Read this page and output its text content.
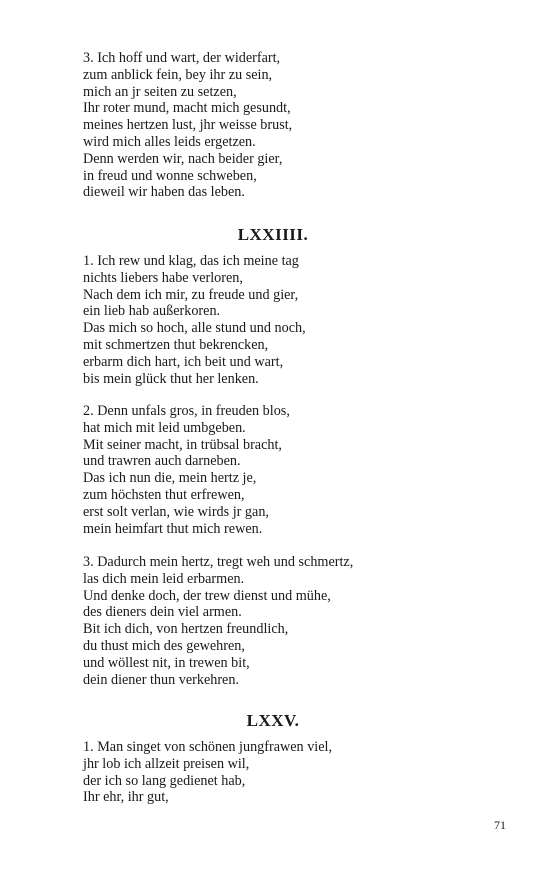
3. Ich hoff und wart, der widerfart,
zum anblick fein, bey ihr zu sein,
mich an jr seiten zu setzen,
Ihr roter mund, macht mich gesundt,
meines hertzen lust, jhr weisse brust,
wird mich alles leids ergetzen.
Denn werden wir, nach beider gier,
in freud und wonne schweben,
dieweil wir haben das leben.
LXXIIII.
1. Ich rew und klag, das ich meine tag
nichts liebers habe verloren,
Nach dem ich mir, zu freude und gier,
ein lieb hab außerkoren.
Das mich so hoch, alle stund und noch,
mit schmertzen thut bekrencken,
erbarm dich hart, ich beit und wart,
bis mein glück thut her lenken.
2. Denn unfals gros, in freuden blos,
hat mich mit leid umbgeben.
Mit seiner macht, in trübsal bracht,
und trawren auch darneben.
Das ich nun die, mein hertz je,
zum höchsten thut erfrewen,
erst solt verlan, wie wirds jr gan,
mein heimfart thut mich rewen.
3. Dadurch mein hertz, tregt weh und schmertz,
las dich mein leid erbarmen.
Und denke doch, der trew dienst und mühe,
des dieners dein viel armen.
Bit ich dich, von hertzen freundlich,
du thust mich des gewehren,
und wöllest nit, in trewen bit,
dein diener thun verkehren.
LXXV.
1. Man singet von schönen jungfrawen viel,
jhr lob ich allzeit preisen wil,
der ich so lang gedienet hab,
Ihr ehr, ihr gut,
71
